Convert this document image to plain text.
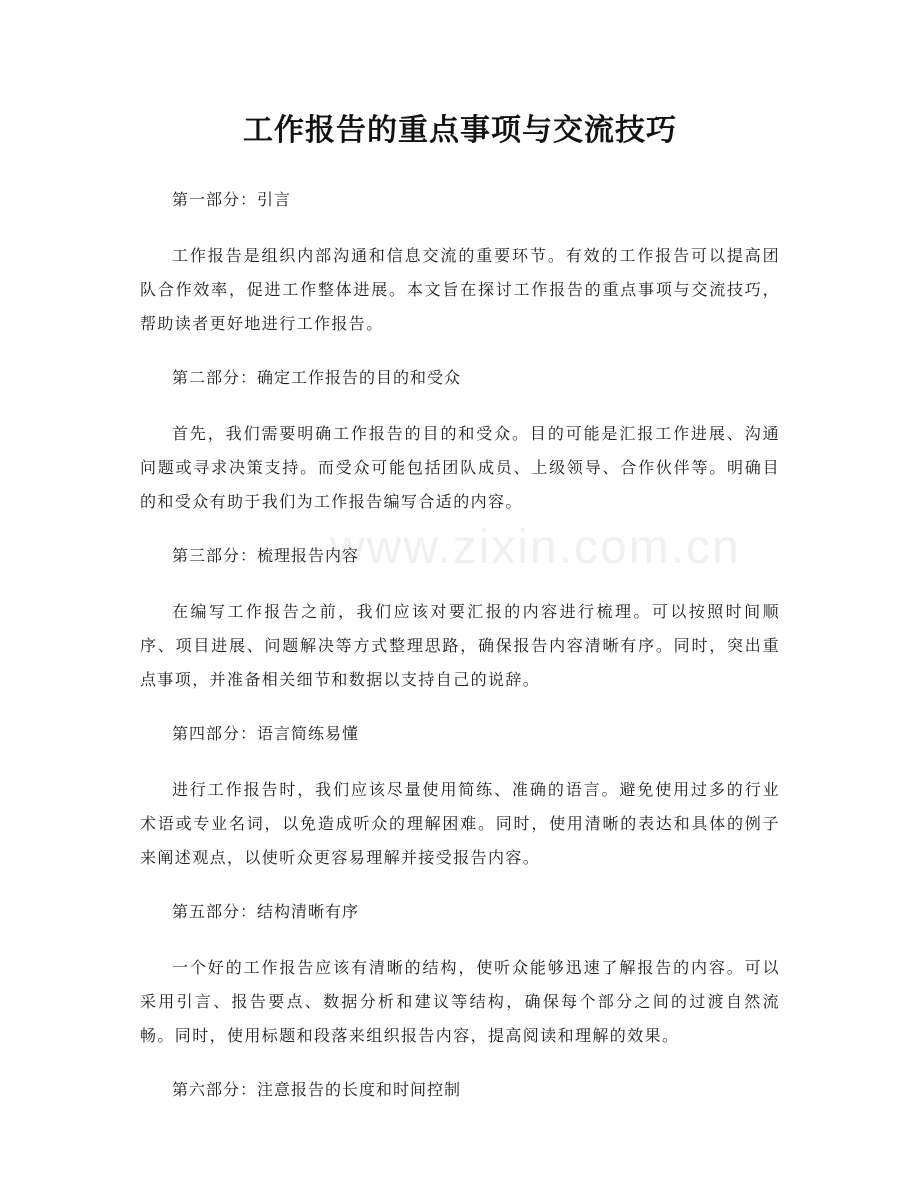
www.zixin.com.cn
工作报告的重点事项与交流技巧

第一部分：引言

工作报告是组织内部沟通和信息交流的重要环节。有效的工作报告可以提高团队合作效率，促进工作整体进展。本文旨在探讨工作报告的重点事项与交流技巧，帮助读者更好地进行工作报告。

第二部分：确定工作报告的目的和受众

首先，我们需要明确工作报告的目的和受众。目的可能是汇报工作进展、沟通问题或寻求决策支持。而受众可能包括团队成员、上级领导、合作伙伴等。明确目的和受众有助于我们为工作报告编写合适的内容。

第三部分：梳理报告内容

在编写工作报告之前，我们应该对要汇报的内容进行梳理。可以按照时间顺序、项目进展、问题解决等方式整理思路，确保报告内容清晰有序。同时，突出重点事项，并准备相关细节和数据以支持自己的说辞。

第四部分：语言简练易懂

进行工作报告时，我们应该尽量使用简练、准确的语言。避免使用过多的行业术语或专业名词，以免造成听众的理解困难。同时，使用清晰的表达和具体的例子来阐述观点，以使听众更容易理解并接受报告内容。

第五部分：结构清晰有序

一个好的工作报告应该有清晰的结构，使听众能够迅速了解报告的内容。可以采用引言、报告要点、数据分析和建议等结构，确保每个部分之间的过渡自然流畅。同时，使用标题和段落来组织报告内容，提高阅读和理解的效果。

第六部分：注意报告的长度和时间控制
